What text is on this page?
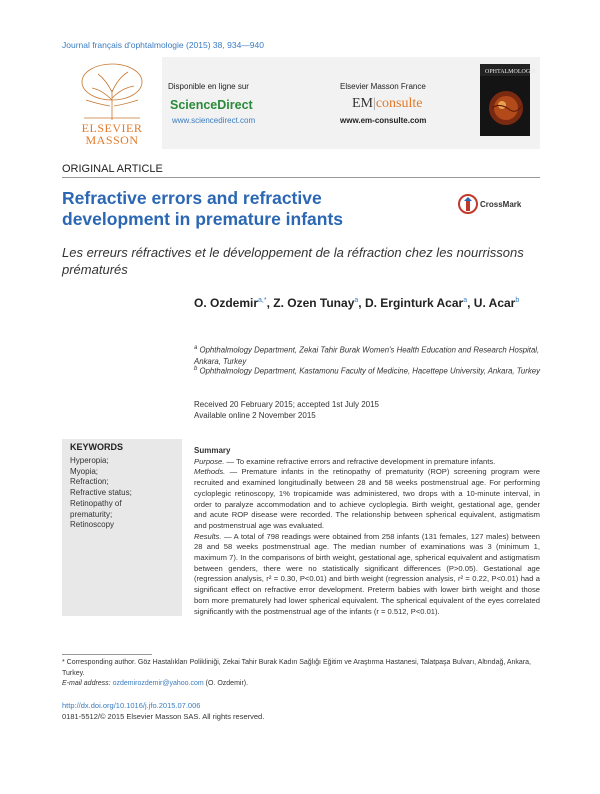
Journal français d'ophtalmologie (2015) 38, 934—940
ELSEVIER
MASSON
Disponible en ligne sur
ScienceDirect
www.sciencedirect.com
Elsevier Masson France
EM|consulte
www.em-consulte.com
OPHTALMOLOGIE
ORIGINAL ARTICLE
Refractive errors and refractive development in premature infants
CrossMark
Les erreurs réfractives et le développement de la réfraction chez les nourrissons prématurés
O. Ozdemir$^{a,*}$, Z. Ozen Tunay$^a$, D. Erginturk Acar$^a$, U. Acar$^b$
$^a$ Ophthalmology Department, Zekai Tahir Burak Women's Health Education and Research Hospital, Ankara, Turkey
$^b$ Ophthalmology Department, Kastamonu Faculty of Medicine, Hacettepe University, Ankara, Turkey
Received 20 February 2015; accepted 1st July 2015
Available online 2 November 2015
KEYWORDS
Hyperopia;
Myopia;
Refraction;
Refractive status;
Retinopathy of
prematurity;
Retinoscopy

Summary

Purpose. — To examine refractive errors and refractive development in premature infants.

Methods. — Premature infants in the retinopathy of prematurity (ROP) screening program were recruited and examined longitudinally between 28 and 58 weeks postmenstrual age. For performing cycloplegic retinoscopy, 1% tropicamide was administered, two drops with a 10-minute interval, in order to paralyze accommodation and to achieve cycloplegia. Birth weight, gestational age, gender and acute ROP disease were recorded. The relationship between spherical equivalent, astigmatism and postmenstrual age was evaluated.

Results. — A total of 798 readings were obtained from 258 infants (131 females, 127 males) between 28 and 58 weeks postmenstrual age. The median number of examinations was 3 (minimum 1, maximum 7). In the comparisons of birth weight, gestational age, spherical equivalent and astigmatism between genders, there were no statistically significant differences (P>0.05). Gestational age (regression analysis, r² = 0.30, P<0.01) and birth weight (regression analysis, r² = 0.22, P<0.01) had a significant effect on refractive error development. Preterm babies with lower birth weight and those born more prematurely had lower spherical equivalent. The spherical equivalent of the eyes correlated significantly with the postmenstrual age of the infants (r = 0.512, P<0.01).

* Corresponding author. Göz Hastalıkları Polikliniği, Zekai Tahir Burak Kadın Sağlığı Eğitim ve Araştırma Hastanesi, Talatpaşa Bulvarı, Altındağ, Ankara, Turkey.
E-mail address: ozdemirozdemir@yahoo.com (O. Ozdemir).
http://dx.doi.org/10.1016/j.jfo.2015.07.006
0181-5512/© 2015 Elsevier Masson SAS. All rights reserved.
